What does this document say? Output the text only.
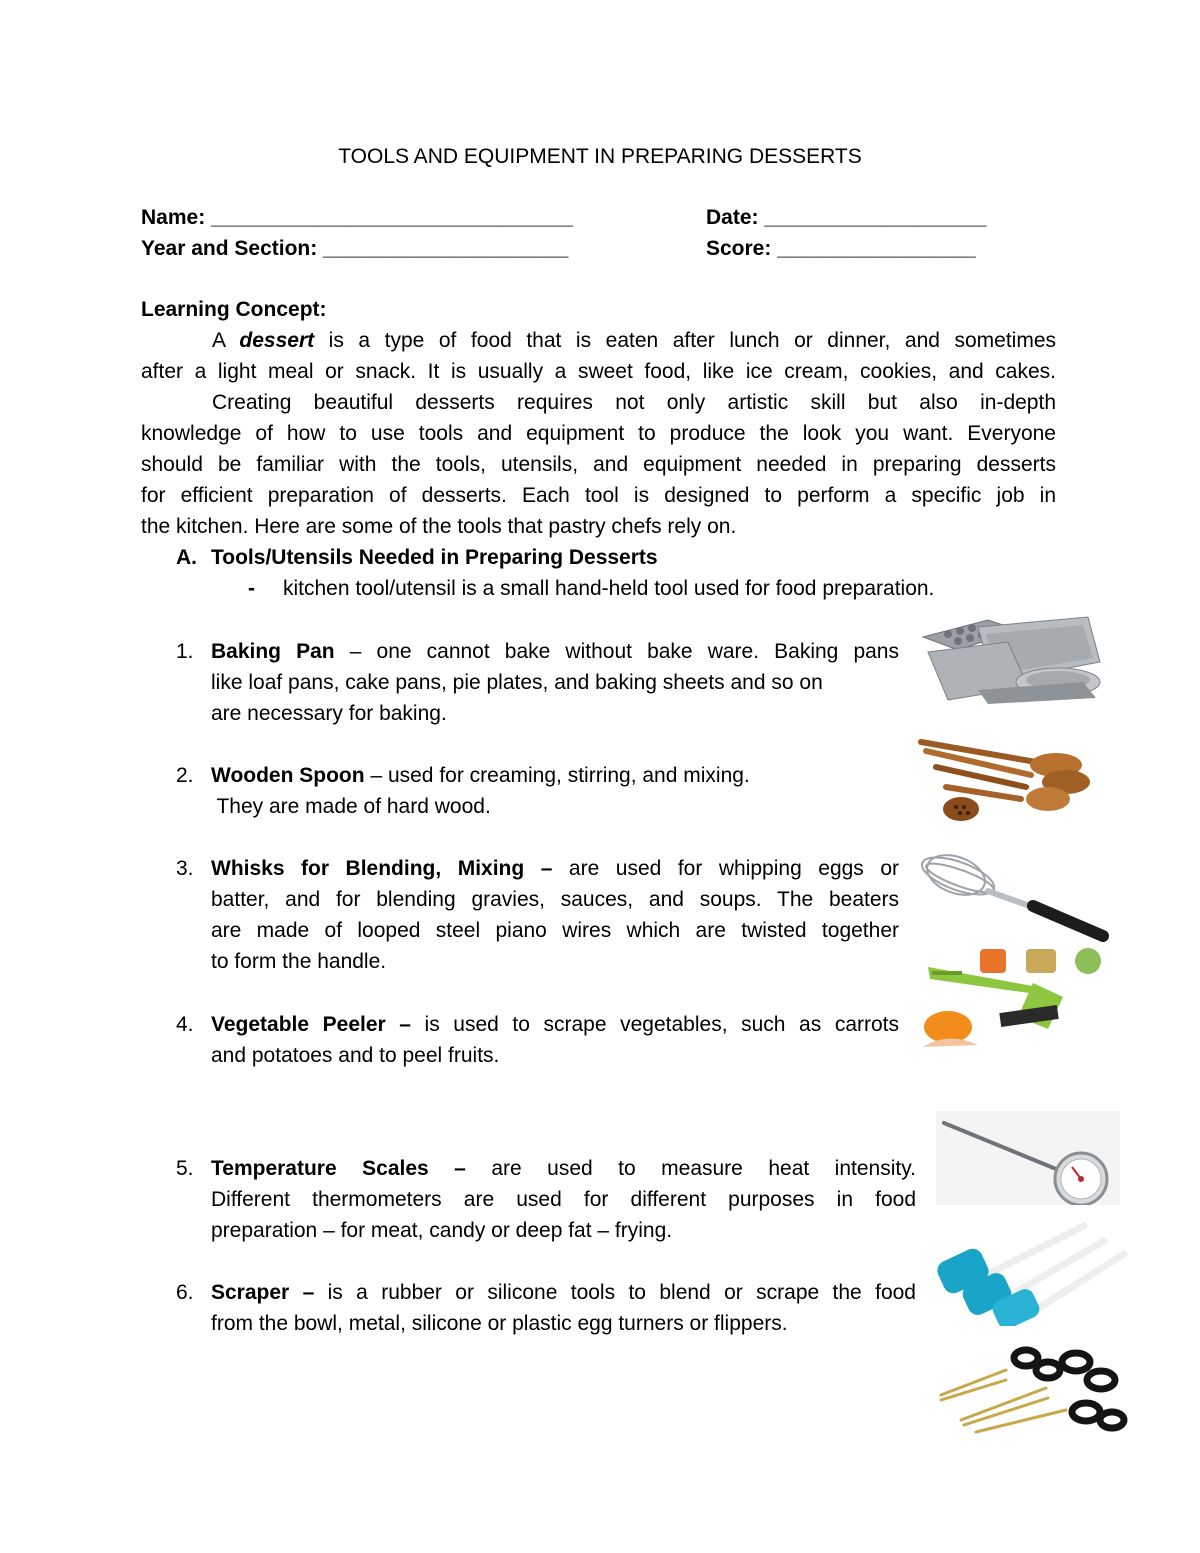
TOOLS AND EQUIPMENT IN PREPARING DESSERTS
Name: _______________________________	Date: ___________________
Year and Section: _____________________	Score: _________________
Learning Concept:
A dessert is a type of food that is eaten after lunch or dinner, and sometimes
after a light meal or snack. It is usually a sweet food, like ice cream, cookies, and cakes.
Creating beautiful desserts requires not only artistic skill but also in-depth
knowledge of how to use tools and equipment to produce the look you want. Everyone
should be familiar with the tools, utensils, and equipment needed in preparing desserts
for efficient preparation of desserts. Each tool is designed to perform a specific job in
the kitchen. Here are some of the tools that pastry chefs rely on.
A. Tools/Utensils Needed in Preparing Desserts
- kitchen tool/utensil is a small hand-held tool used for food preparation.
1. Baking Pan – one cannot bake without bake ware. Baking pans
like loaf pans, cake pans, pie plates, and baking sheets and so on
are necessary for baking.
2. Wooden Spoon – used for creaming, stirring, and mixing.
They are made of hard wood.
3. Whisks for Blending, Mixing – are used for whipping eggs or
batter, and for blending gravies, sauces, and soups. The beaters
are made of looped steel piano wires which are twisted together
to form the handle.
4. Vegetable Peeler – is used to scrape vegetables, such as carrots
and potatoes and to peel fruits.
5. Temperature Scales – are used to measure heat intensity.
Different thermometers are used for different purposes in food
preparation – for meat, candy or deep fat – frying.
6. Scraper – is a rubber or silicone tools to blend or scrape the food
from the bowl, metal, silicone or plastic egg turners or flippers.
